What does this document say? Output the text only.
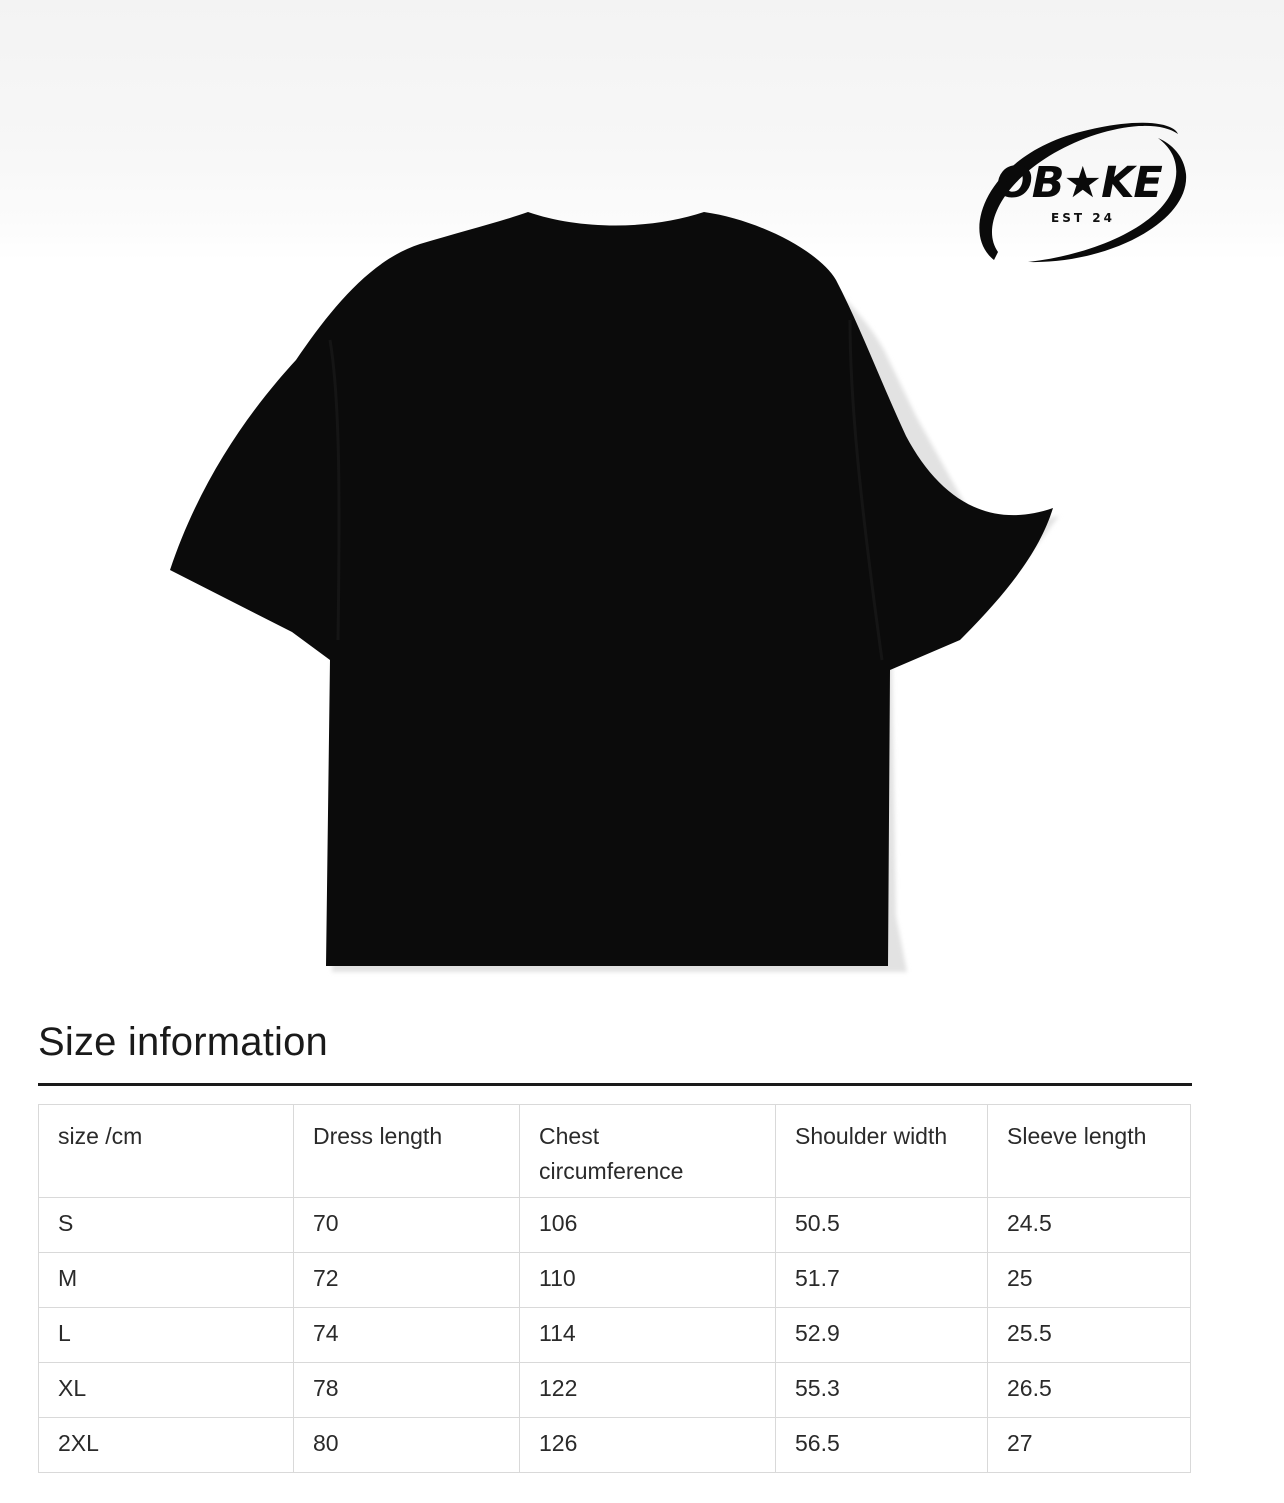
OB★KE
EST 24
Size information
size /cm	Dress length	Chest circumference	Shoulder width	Sleeve length
S	70	106	50.5	24.5
M	72	110	51.7	25
L	74	114	52.9	25.5
XL	78	122	55.3	26.5
2XL	80	126	56.5	27
